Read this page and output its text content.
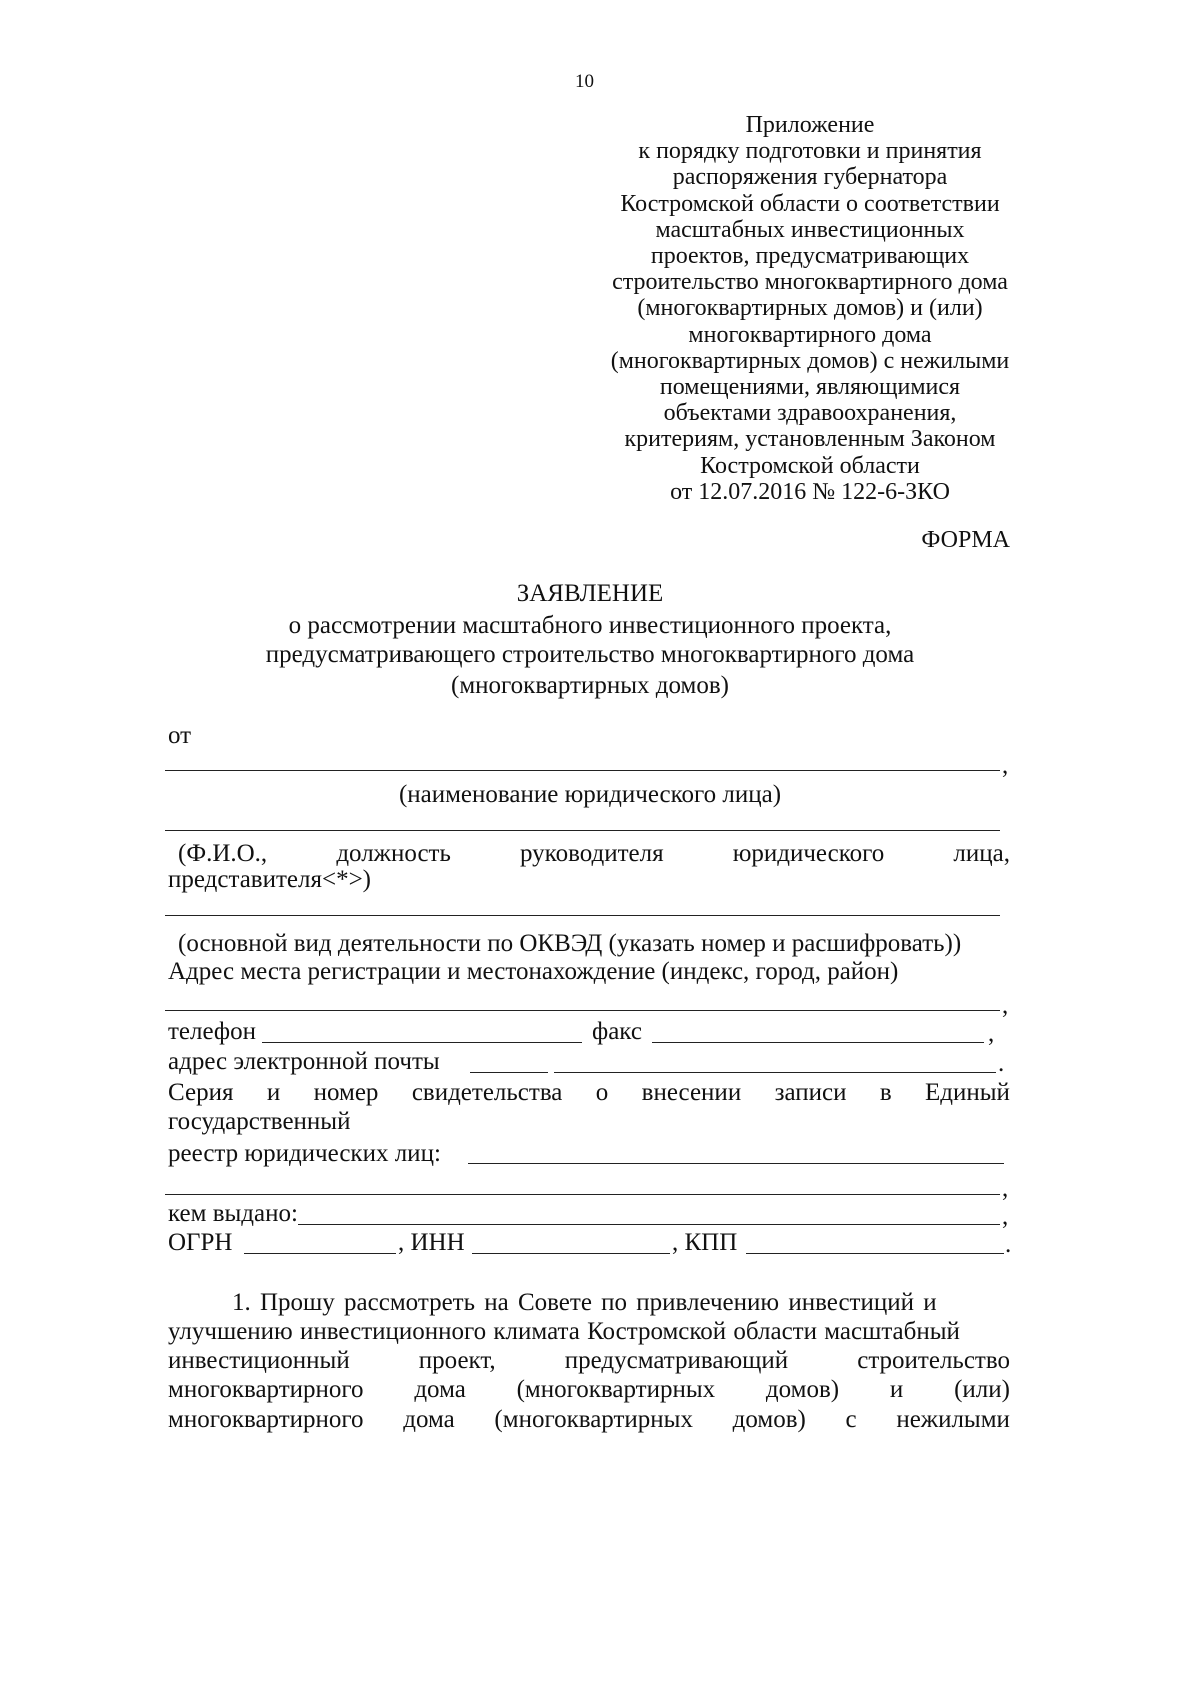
10
Приложение
к порядку подготовки и принятия
распоряжения губернатора
Костромской области о соответствии
масштабных инвестиционных
проектов, предусматривающих
строительство многоквартирного дома
(многоквартирных домов) и (или)
многоквартирного дома
(многоквартирных домов) с нежилыми
помещениями, являющимися
объектами здравоохранения,
критериям, установленным Законом
Костромской области
от 12.07.2016 № 122-6-ЗКО
ФОРМА
ЗАЯВЛЕНИЕ
о рассмотрении масштабного инвестиционного проекта,
предусматривающего строительство многоквартирного дома
(многоквартирных домов)
от
,
(наименование юридического лица)
(Ф.И.О.,	должность	руководителя	юридического	лица,
представителя<*>)
(основной вид деятельности по ОКВЭД (указать номер и расшифровать))
Адрес места регистрации и местонахождение (индекс, город, район)
,
телефон	факс	,
адрес электронной почты	.
Серия и номер свидетельства о внесении записи в Единый
государственный
реестр юридических лиц:
,
кем выдано:	,
ОГРН	, ИНН	, КПП	.
1. Прошу рассмотреть на Совете по привлечению инвестиций и
улучшению инвестиционного климата Костромской области масштабный
инвестиционный	проект,	предусматривающий	строительство
многоквартирного дома (многоквартирных домов) и (или)
многоквартирного дома (многоквартирных домов) с нежилыми
